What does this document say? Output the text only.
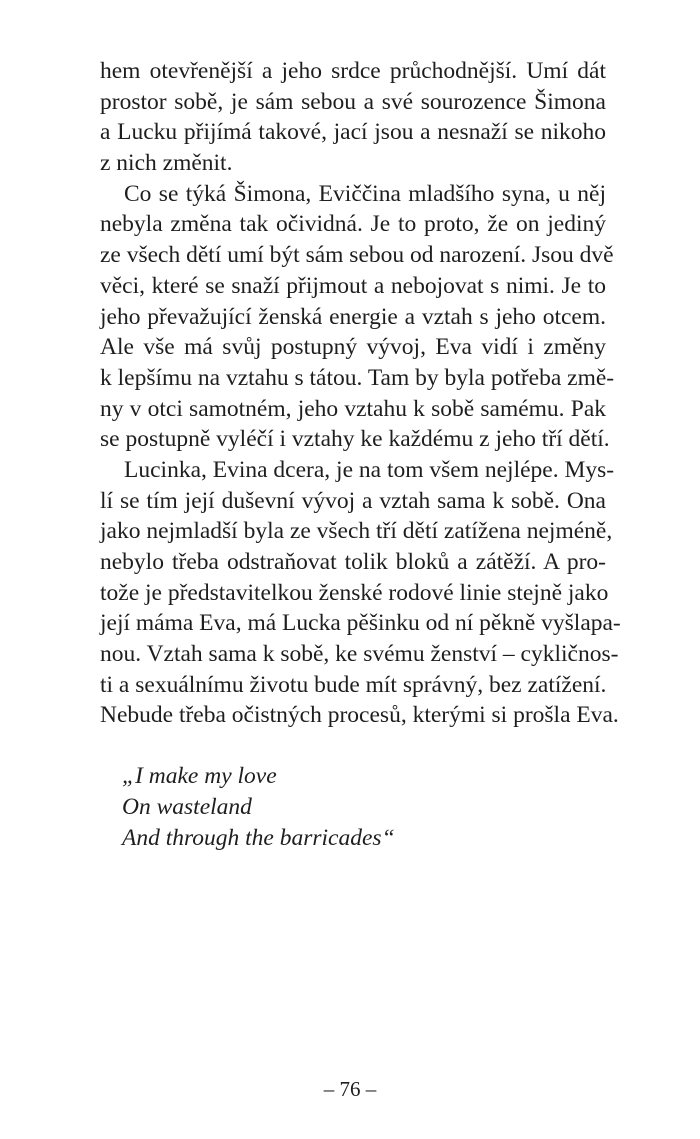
hem otevřenější a jeho srdce průchodnější. Umí dát
prostor sobě, je sám sebou a své sourozence Šimona
a Lucku přijímá takové, jací jsou a nesnaží se nikoho
z nich změnit.
Co se týká Šimona, Eviččina mladšího syna, u něj
nebyla změna tak očividná. Je to proto, že on jediný
ze všech dětí umí být sám sebou od narození. Jsou dvě
věci, které se snaží přijmout a nebojovat s nimi. Je to
jeho převažující ženská energie a vztah s jeho otcem.
Ale vše má svůj postupný vývoj, Eva vidí i změny
k lepšímu na vztahu s tátou. Tam by byla potřeba změ-
ny v otci samotném, jeho vztahu k sobě samému. Pak
se postupně vyléčí i vztahy ke každému z jeho tří dětí.
Lucinka, Evina dcera, je na tom všem nejlépe. Mys-
lí se tím její duševní vývoj a vztah sama k sobě. Ona
jako nejmladší byla ze všech tří dětí zatížena nejméně,
nebylo třeba odstraňovat tolik bloků a zátěží. A pro-
tože je představitelkou ženské rodové linie stejně jako
její máma Eva, má Lucka pěšinku od ní pěkně vyšlapa-
nou. Vztah sama k sobě, ke svému ženství – cykličnos-
ti a sexuálnímu životu bude mít správný, bez zatížení.
Nebude třeba očistných procesů, kterými si prošla Eva.
„I make my love
On wasteland
And through the barricades“
– 76 –
